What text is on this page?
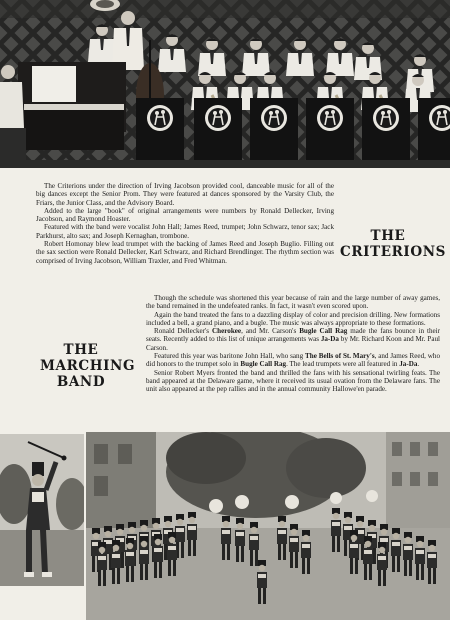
The Criterions under the direction of Irving Jacobson provided cool, danceable music for all of the big dances except the Senior Prom. They were featured at dances sponsored by the Varsity Club, the Friars, the Junior Class, and the Advisory Board.

Added to the large "book" of original arrangements were numbers by Ronald Dellecker, Irving Jacobson, and Raymond Hoaster.

Featured with the band were vocalist John Hall; James Reed, trumpet; John Schwarz, tenor sax; Jack Parkhurst, alto sax; and Joseph Kernaghan, trombone.

Robert Homonay blew lead trumpet with the backing of James Reed and Joseph Buglio. Filling out the sax section were Ronald Dellecker, Karl Schwarz, and Richard Brendlinger. The rhythm section was comprised of Irving Jacobson, William Traxler, and Fred Whitman.

THE
CRITERIONS
THE
MARCHING
BAND

Though the schedule was shortened this year because of rain and the large number of away games, the band remained in the undefeated ranks. In fact, it wasn't even scored upon.

Again the band treated the fans to a dazzling display of color and precision drilling. New formations included a bell, a grand piano, and a bugle. The music was always appropriate to these formations.

Ronald Dellecker's Cherokee, and Mr. Carson's Bugle Call Rag made the fans bounce in their seats. Recently added to this list of unique arrangements was Ja-Da by Mr. Richard Koon and Mr. Paul Carson.

Featured this year was baritone John Hall, who sang The Bells of St. Mary's, and James Reed, who did honors to the trumpet solo in Bugle Call Rag. The lead trumpets were all featured in Ja-Da.

Senior Robert Myers fronted the band and thrilled the fans with his sensational twirling feats. The band appeared at the Delaware game, where it received its usual ovation from the Delaware fans. The unit also appeared at the pep rallies and in the annual community Hallowe'en parade.
